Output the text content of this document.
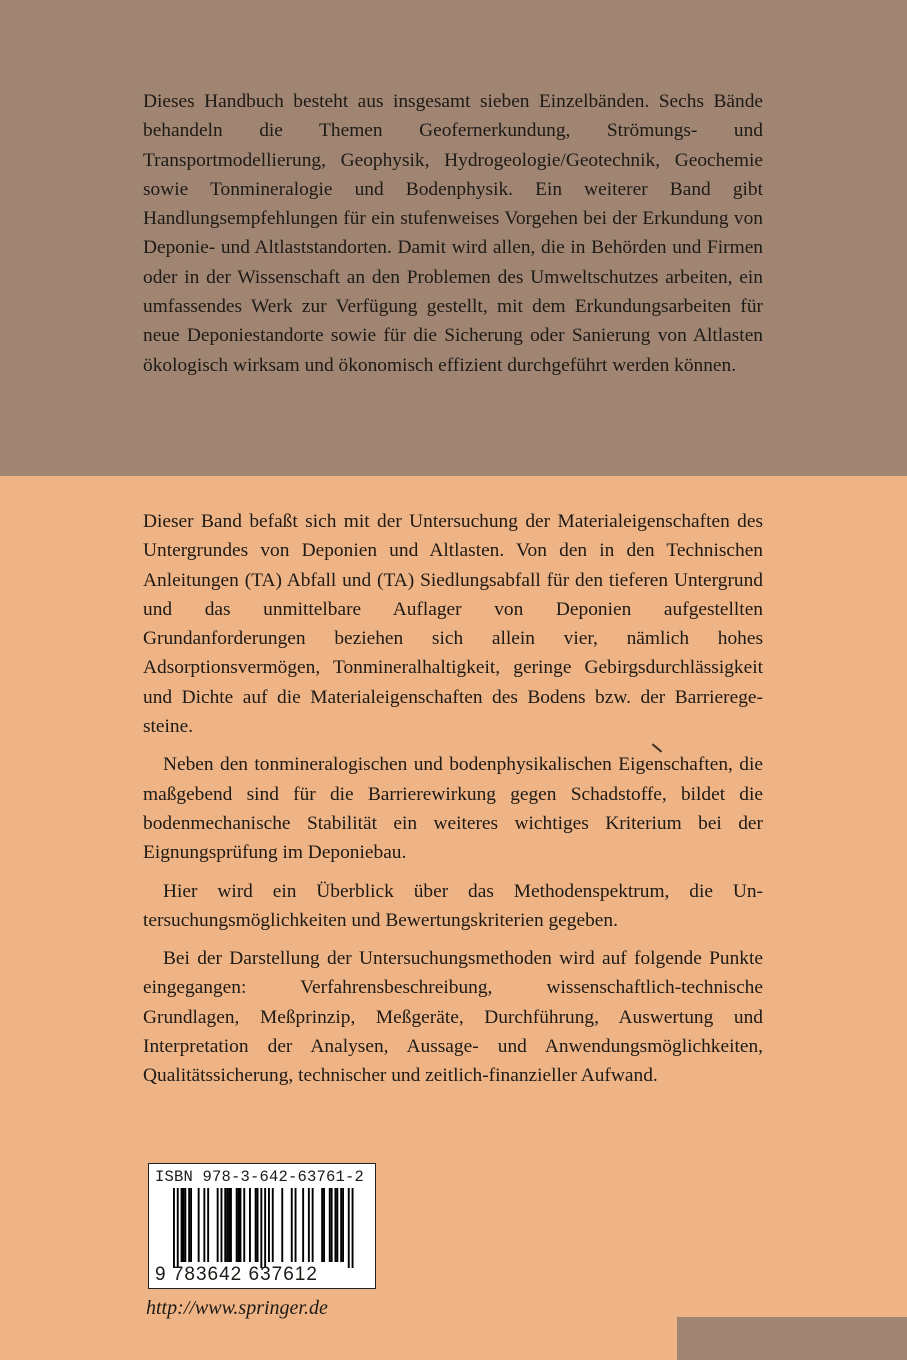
Dieses Handbuch besteht aus insgesamt sieben Einzelbänden. Sechs Bände behandeln die Themen Geofernerkundung, Strömungs- und Transportmodellierung, Geophysik, Hydrogeologie/​Geotechnik, Geochemie sowie Tonmineralogie und Bodenphysik. Ein weiterer Band gibt Handlungsempfehlungen für ein stufenweises Vorgehen bei der Erkundung von Deponie- und Altlaststandorten. Damit wird allen, die in Behörden und Firmen oder in der Wissenschaft an den Problemen des Umweltschutzes arbeiten, ein umfassendes Werk zur Verfügung gestellt, mit dem Erkundungsarbeiten für neue Deponiestandorte sowie für die Sicherung oder Sanierung von Altlasten ökologisch wirksam und ökonomisch effizient durchgeführt werden können.

Dieser Band befaßt sich mit der Untersuchung der Materialeigenschaften des Untergrundes von Deponien und Altlasten. Von den in den Technischen Anleitungen (TA) Abfall und (TA) Siedlungsabfall für den tieferen Untergrund und das unmittelbare Auflager von Deponien aufgestellten Grundanforderungen beziehen sich allein vier, nämlich hohes Adsorptionsvermögen, Tonmineralhaltigkeit, geringe Gebirgsdurchlässigkeit und Dichte auf die Materialeigenschaften des Bodens bzw. der Barrieregesteine.

Neben den tonmineralogischen und bodenphysikalischen Eigenschaften, die maßgebend sind für die Barrierewirkung gegen Schadstoffe, bildet die bodenmechanische Stabilität ein weiteres wichtiges Kriterium bei der Eignungsprüfung im Deponiebau.

Hier wird ein Überblick über das Methodenspektrum, die Untersuchungsmöglichkeiten und Bewertungskriterien gegeben.

Bei der Darstellung der Untersuchungsmethoden wird auf folgende Punkte eingegangen: Verfahrensbeschreibung, wissenschaftlich-technische Grundlagen, Meßprinzip, Meßgeräte, Durchführung, Auswertung und Interpretation der Analysen, Aussage- und Anwendungsmöglichkeiten, Qualitätssicherung, technischer und zeitlich-finanzieller Aufwand.

ISBN 978-3-642-63761-2
9 783642 637612
http://www.springer.de
